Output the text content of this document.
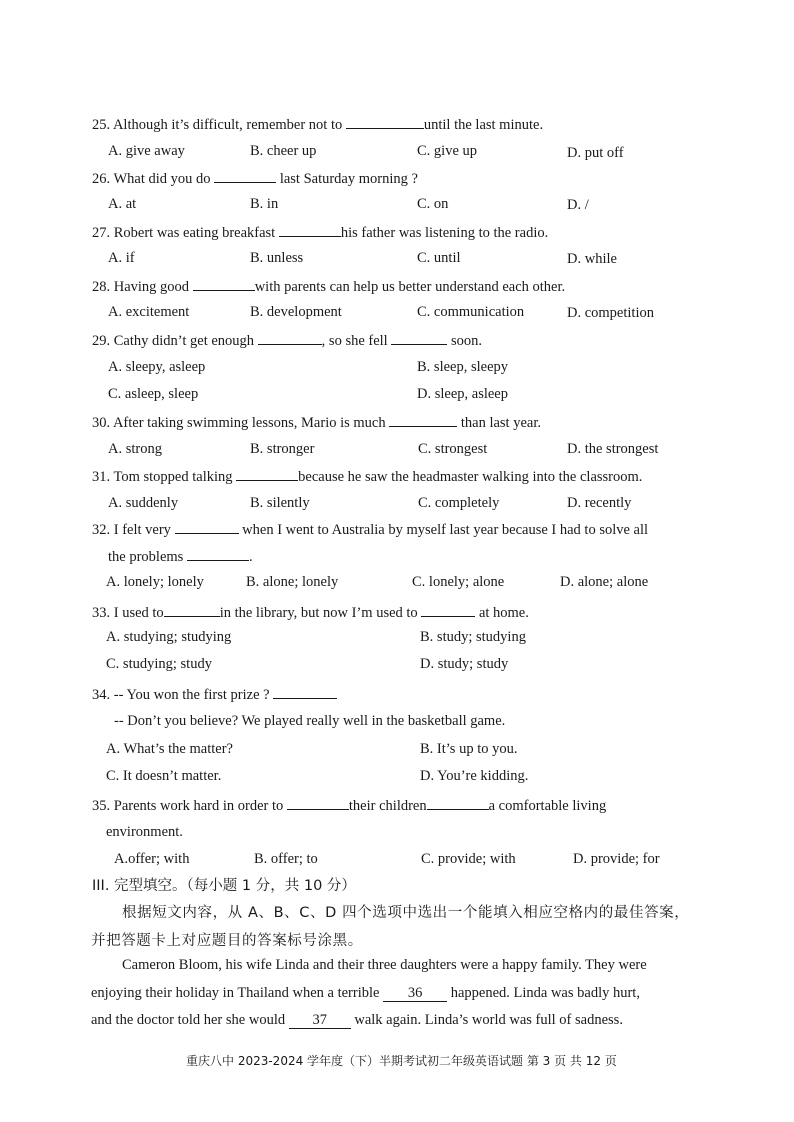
25. Although it’s difficult, remember not to	until the last minute.
A. give away	B. cheer up	C. give up	D. put off
26. What did you do	last Saturday morning ?
A. at	B. in	C. on	D. /
27. Robert was eating breakfast	his father was listening to the radio.
A. if	B. unless	C. until	D. while
28. Having good	with parents can help us better understand each other.
A. excitement	B. development	C. communication	D. competition
29. Cathy didn’t get enough	, so she fell	soon.
A. sleepy, asleep	B. sleep, sleepy
C. asleep, sleep	D. sleep, asleep
30. After taking swimming lessons, Mario is much	than last year.
A. strong	B. stronger	C. strongest	D. the strongest
31. Tom stopped talking	because he saw the headmaster walking into the classroom.
A. suddenly	B. silently	C. completely	D. recently
32. I felt very	when I went to Australia by myself last year because I had to solve all
the problems	.
A. lonely; lonely	B. alone; lonely	C. lonely; alone	D. alone; alone
33. I used to	in the library, but now I’m used to	at home.
A. studying; studying	B. study; studying
C. studying; study	D. study; study
34. -- You won the first prize ?
-- Don’t you believe? We played really well in the basketball game.
A. What’s the matter?	B. It’s up to you.
C. It doesn’t matter.	D. You’re kidding.
35. Parents work hard in order to	their children	a comfortable living
environment.
A.offer; with	B. offer; to	C. provide; with	D. provide; for
III. 完型填空。（每小题 1 分，共 10 分）
根据短文内容，从 A、B、C、D 四个选项中选出一个能填入相应空格内的最佳答案，
并把答题卡上对应题目的答案标号涂黑。
Cameron Bloom, his wife Linda and their three daughters were a happy family. They were
enjoying their holiday in Thailand when a terrible 36 happened. Linda was badly hurt,
and the doctor told her she would 37 walk again. Linda’s world was full of sadness.
重庆八中 2023-2024 学年度（下）半期考试初二年级英语试题 第 3 页 共 12 页
